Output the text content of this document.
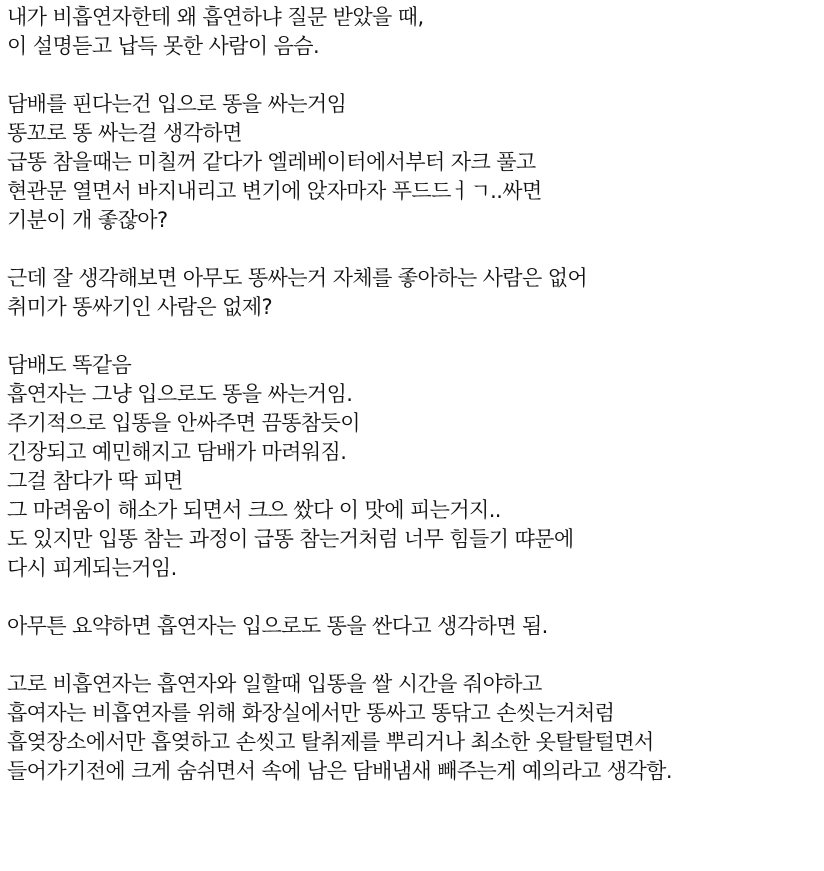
내가 비흡연자한테 왜 흡연하냐 질문 받았을 때,
이 설명듣고 납득 못한 사람이 음슴.
담배를 핀다는건 입으로 똥을 싸는거임
똥꼬로 똥 싸는걸 생각하면
급똥 참을때는 미칠꺼 같다가 엘레베이터에서부터 자크 풀고
현관문 열면서 바지내리고 변기에 앉자마자 푸드드ㅓㄱ..싸면
기분이 개 좋잖아?
근데 잘 생각해보면 아무도 똥싸는거 자체를 좋아하는 사람은 없어
취미가 똥싸기인 사람은 없제?
담배도 똑같음
흡연자는 그냥 입으로도 똥을 싸는거임.
주기적으로 입똥을 안싸주면 끔똥참듯이
긴장되고 예민해지고 담배가 마려워짐.
그걸 참다가 딱 피면
그 마려움이 해소가 되면서 크으 쌌다 이 맛에 피는거지..
도 있지만 입똥 참는 과정이 급똥 참는거처럼 너무 힘들기 땨문에
다시 피게되는거임.
아무튼 요약하면 흡연자는 입으로도 똥을 싼다고 생각하면 됨.
고로 비흡연자는 흡연자와 일할때 입똥을 쌀 시간을 줘야하고
흡여자는 비흡연자를 위해 화장실에서만 똥싸고 똥닦고 손씻는거처럼
흡옂장소에서만 흡옂하고 손씻고 탈취제를 뿌리거나 최소한 옷탈탈털면서
들어가기전에 크게 숨쉬면서 속에 남은 담배냄새 빼주는게 예의라고 생각함.
